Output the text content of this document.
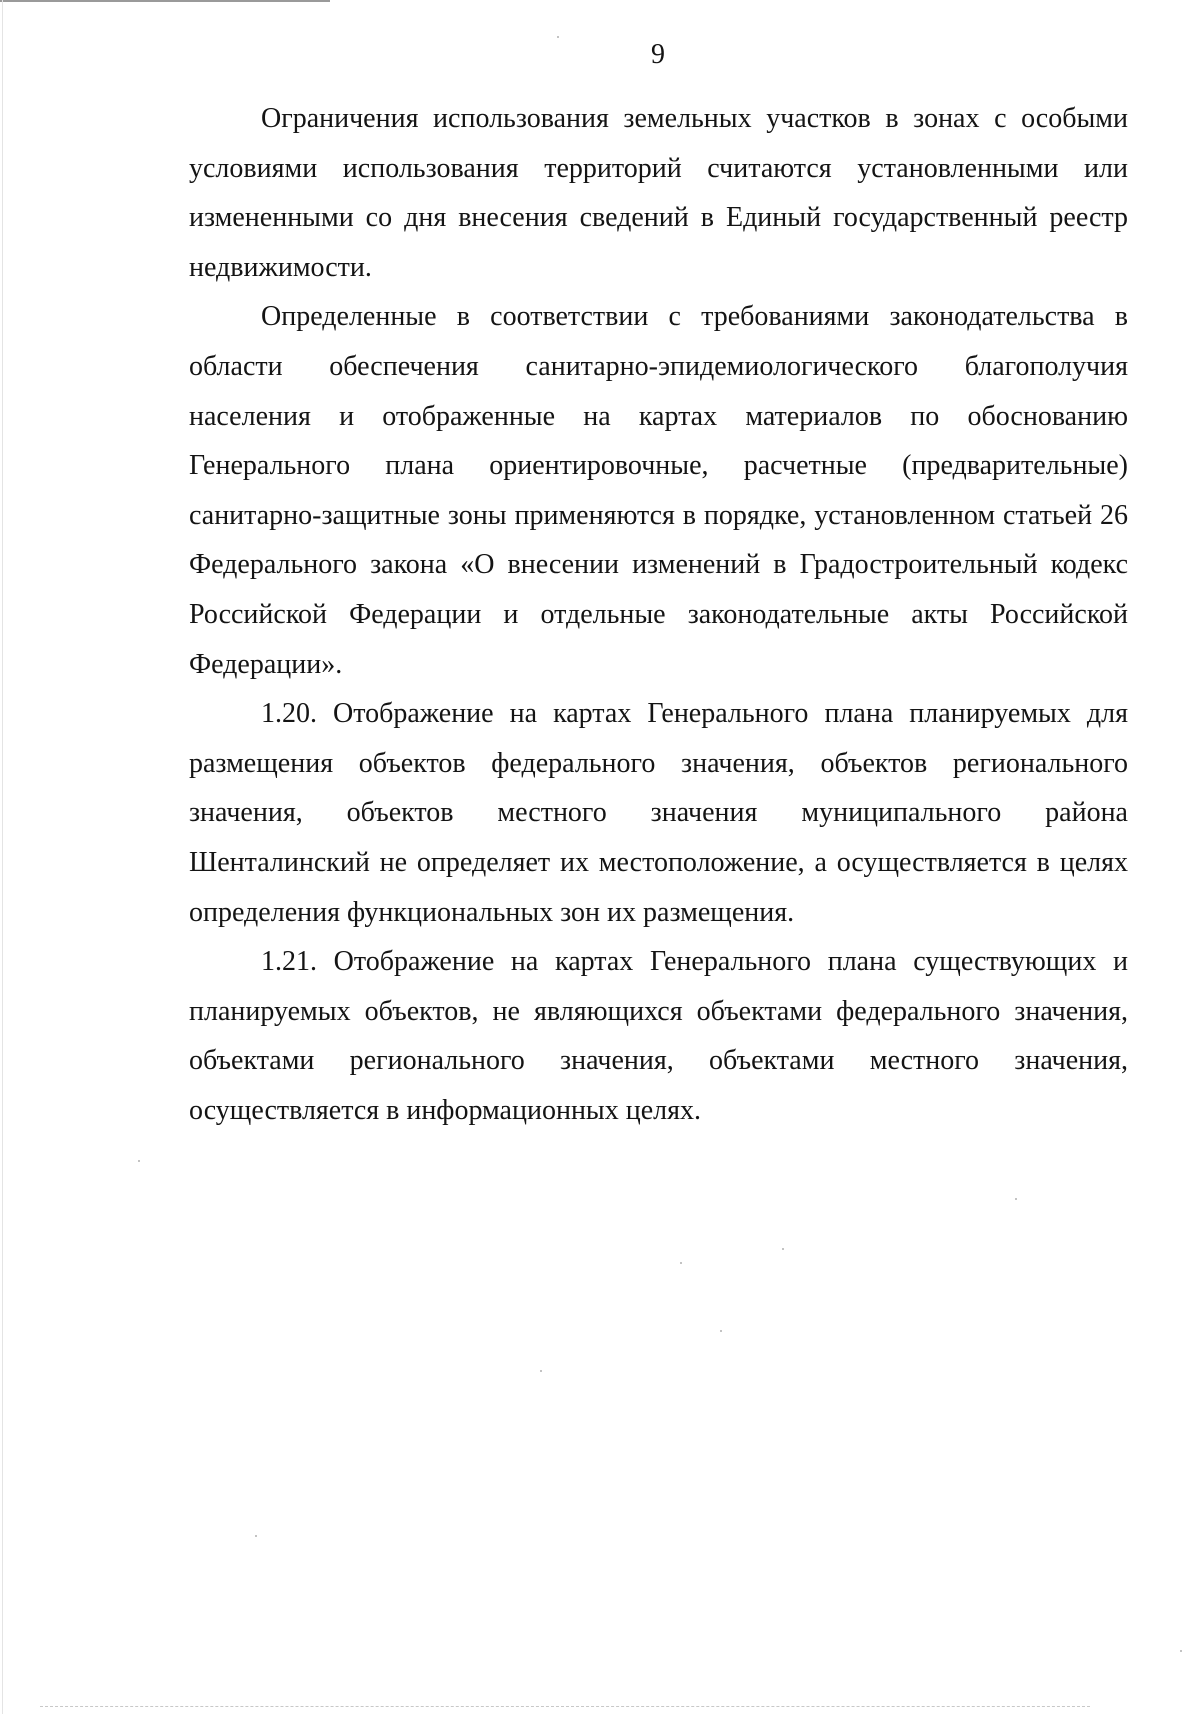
9

Ограничения использования земельных участков в зонах с особыми условиями использования территорий считаются установленными или измененными со дня внесения сведений в Единый государственный реестр недвижимости.

Определенные в соответствии с требованиями законодательства в области обеспечения санитарно-эпидемиологического благополучия населения и отображенные на картах материалов по обоснованию Генерального плана ориентировочные, расчетные (предварительные) санитарно-защитные зоны применяются в порядке, установленном статьей 26 Федерального закона «О внесении изменений в Градостроительный кодекс Российской Федерации и отдельные законодательные акты Российской Федерации».

1.20. Отображение на картах Генерального плана планируемых для размещения объектов федерального значения, объектов регионального значения, объектов местного значения муниципального района Шенталинский не определяет их местоположение, а осуществляется в целях определения функциональных зон их размещения.

1.21. Отображение на картах Генерального плана существующих и планируемых объектов, не являющихся объектами федерального значения, объектами регионального значения, объектами местного значения, осуществляется в информационных целях.
